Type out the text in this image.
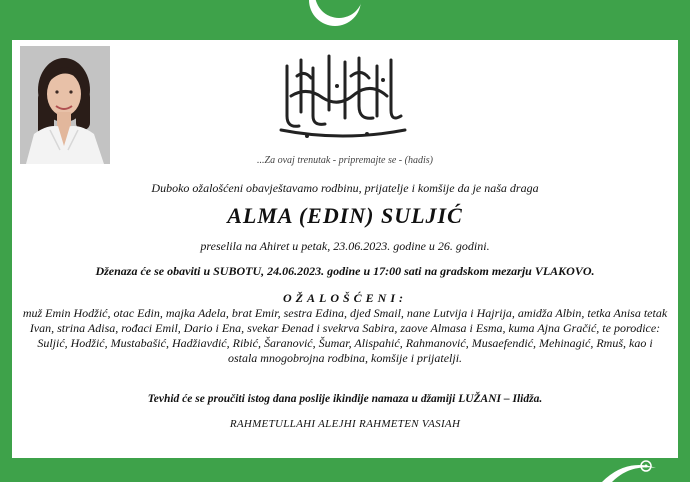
...Za ovaj trenutak - pripremajte se - (hadis)
Duboko ožalošćeni obavještavamo rodbinu, prijatelje i komšije da je naša draga
ALMA (EDIN) SULJIĆ
preselila na Ahiret u petak, 23.06.2023. godine u 26. godini.
Dženaza će se obaviti u SUBOTU, 24.06.2023. godine u 17:00 sati na gradskom mezarju VLAKOVO.
OŽALOŠĆENI:
muž Emin Hodžić, otac Edin, majka Adela, brat Emir, sestra Edina, djed Smail, nane Lutvija i Hajrija, amidža Albin, tetka Anisa tetak Ivan, strina Adisa, rođaci Emil, Dario i Ena, svekar Đenad i svekrva Sabira, zaove Almasa i Esma, kuma Ajna Gračić, te porodice: Suljić, Hodžić, Mustabašić, Hadžiavdić, Ribić, Šaranović, Šumar, Alispahić, Rahmanović, Musaefendić, Mehinagić, Rmuš, kao i ostala mnogobrojna rodbina, komšije i prijatelji.
Tevhid će se proučiti istog dana poslije ikindije namaza u džamiji LUŽANI – Ilidža.
RAHMETULLAHI ALEJHI RAHMETEN VASIAH
